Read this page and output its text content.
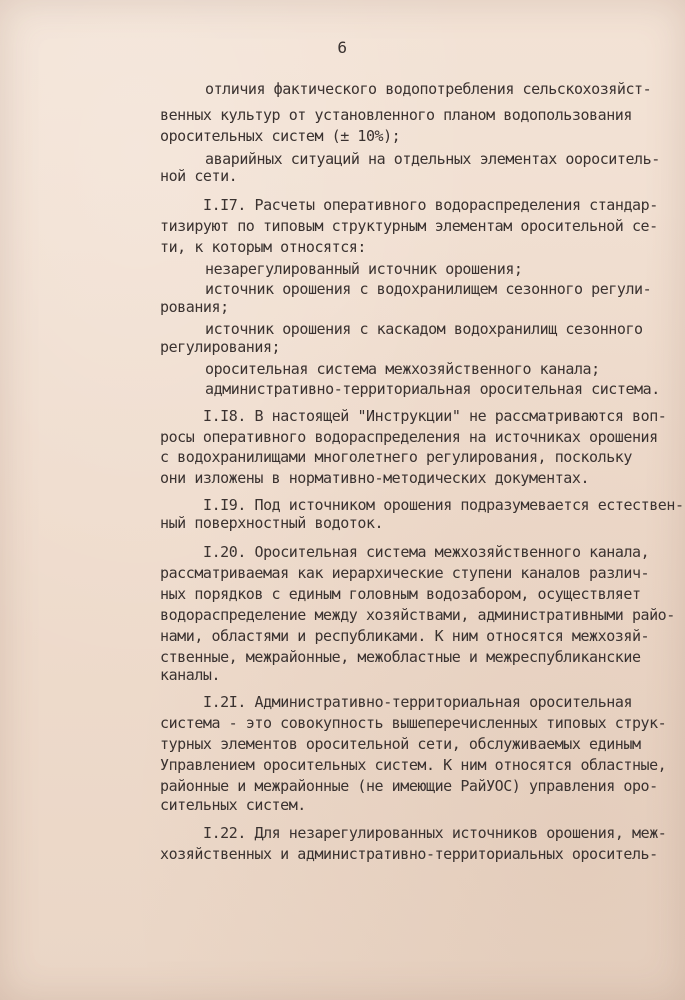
6
отличия фактического водопотребления сельскохозяйст-
венных культур от установленного планом водопользования
оросительных систем (± 10%);
аварийных ситуаций на отдельных элементах оороситель-
ной сети.
I.I7. Расчеты оперативного водораспределения стандар-
тизируют по типовым структурным элементам оросительной се-
ти, к которым относятся:
незарегулированный источник орошения;
источник орошения с водохранилищем сезонного регули-
рования;
источник орошения с каскадом водохранилищ сезонного
регулирования;
оросительная система межхозяйственного канала;
административно-территориальная оросительная система.
I.I8. В настоящей "Инструкции" не рассматриваются воп-
росы оперативного водораспределения на источниках орошения
с водохранилищами многолетнего регулирования, поскольку
они изложены в нормативно-методических документах.
I.I9. Под источником орошения подразумевается естествен-
ный поверхностный водоток.
I.20. Оросительная система межхозяйственного канала,
рассматриваемая как иерархические ступени каналов различ-
ных порядков с единым головным водозабором, осуществляет
водораспределение между хозяйствами, административными райо-
нами, областями и республиками. К ним относятся межхозяй-
ственные, межрайонные, межобластные и межреспубликанские
каналы.
I.2I. Административно-территориальная оросительная
система - это совокупность вышеперечисленных типовых струк-
турных элементов оросительной сети, обслуживаемых единым
Управлением оросительных систем. К ним относятся областные,
районные и межрайонные (не имеющие РайУОС) управления оро-
сительных систем.
I.22. Для незарегулированных источников орошения, меж-
хозяйственных и административно-территориальных ороситель-
